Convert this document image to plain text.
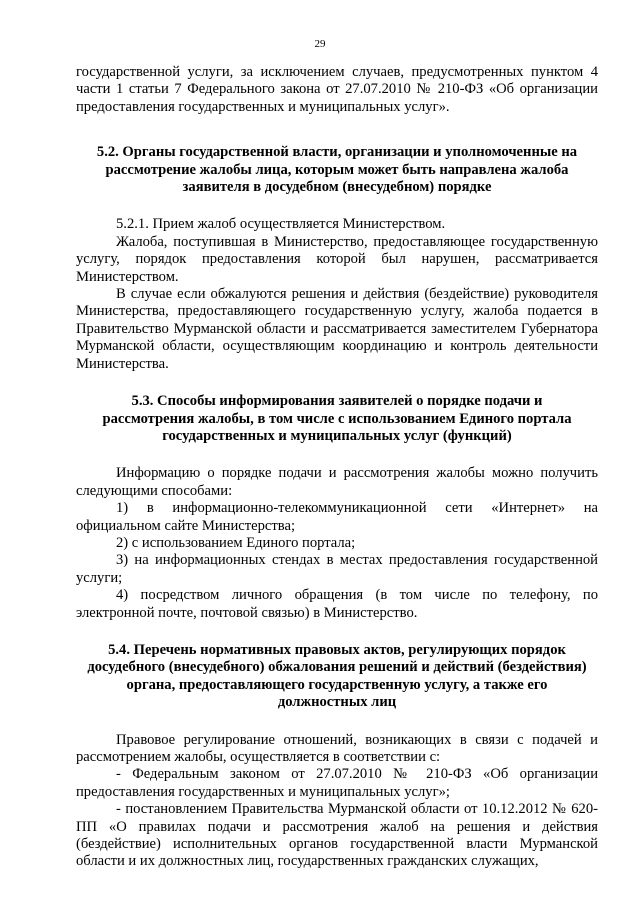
29

государственной услуги, за исключением случаев, предусмотренных пунктом 4 части 1 статьи 7 Федерального закона от 27.07.2010 № 210-ФЗ «Об организации предоставления государственных и муниципальных услуг».

5.2. Органы государственной власти, организации и уполномоченные на рассмотрение жалобы лица, которым может быть направлена жалоба заявителя в досудебном (внесудебном) порядке

5.2.1. Прием жалоб осуществляется Министерством.

Жалоба, поступившая в Министерство, предоставляющее государственную услугу, порядок предоставления которой был нарушен, рассматривается Министерством.

В случае если обжалуются решения и действия (бездействие) руководителя Министерства, предоставляющего государственную услугу, жалоба подается в Правительство Мурманской области и рассматривается заместителем Губернатора Мурманской области, осуществляющим координацию и контроль деятельности Министерства.

5.3. Способы информирования заявителей о порядке подачи и рассмотрения жалобы, в том числе с использованием Единого портала государственных и муниципальных услуг (функций)

Информацию о порядке подачи и рассмотрения жалобы можно получить следующими способами:

1) в информационно-телекоммуникационной сети «Интернет» на официальном сайте Министерства;

2) с использованием Единого портала;

3) на информационных стендах в местах предоставления государственной услуги;

4) посредством личного обращения (в том числе по телефону, по электронной почте, почтовой связью) в Министерство.

5.4. Перечень нормативных правовых актов, регулирующих порядок досудебного (внесудебного) обжалования решений и действий (бездействия) органа, предоставляющего государственную услугу, а также его должностных лиц

Правовое регулирование отношений, возникающих в связи с подачей и рассмотрением жалобы, осуществляется в соответствии с:

- Федеральным законом от 27.07.2010 № 210-ФЗ «Об организации предоставления государственных и муниципальных услуг»;

- постановлением Правительства Мурманской области от 10.12.2012 № 620-ПП «О правилах подачи и рассмотрения жалоб на решения и действия (бездействие) исполнительных органов государственной власти Мурманской области и их должностных лиц, государственных гражданских служащих,
